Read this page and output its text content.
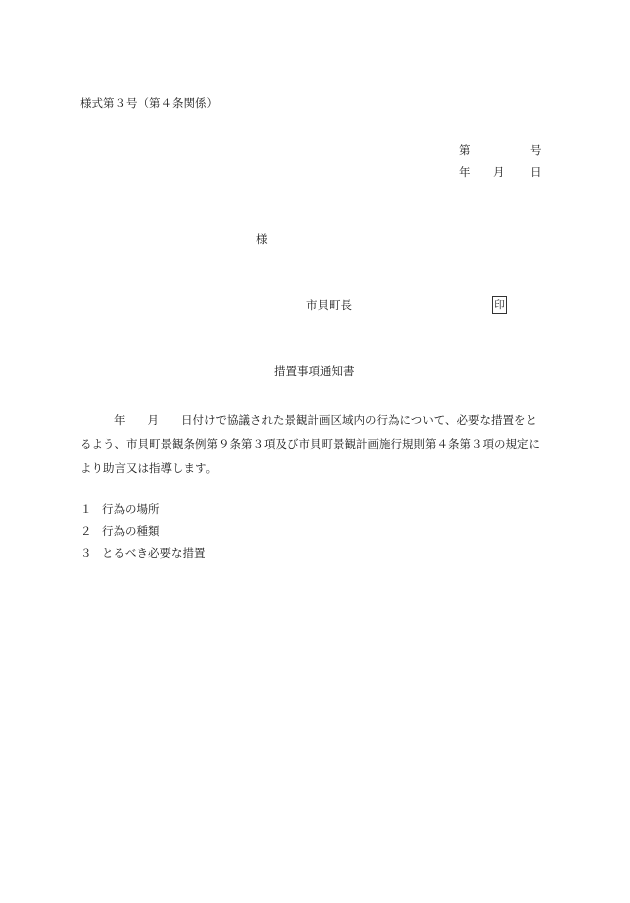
様式第３号（第４条関係）
第	号
年 月 日
様
市貝町長	印
措置事項通知書
年 月 日付けで協議された景観計画区域内の行為について、必要な措置をと
るよう、市貝町景観条例第９条第３項及び市貝町景観計画施行規則第４条第３項の規定に
より助言又は指導します。
１ 行為の場所
２ 行為の種類
３ とるべき必要な措置
